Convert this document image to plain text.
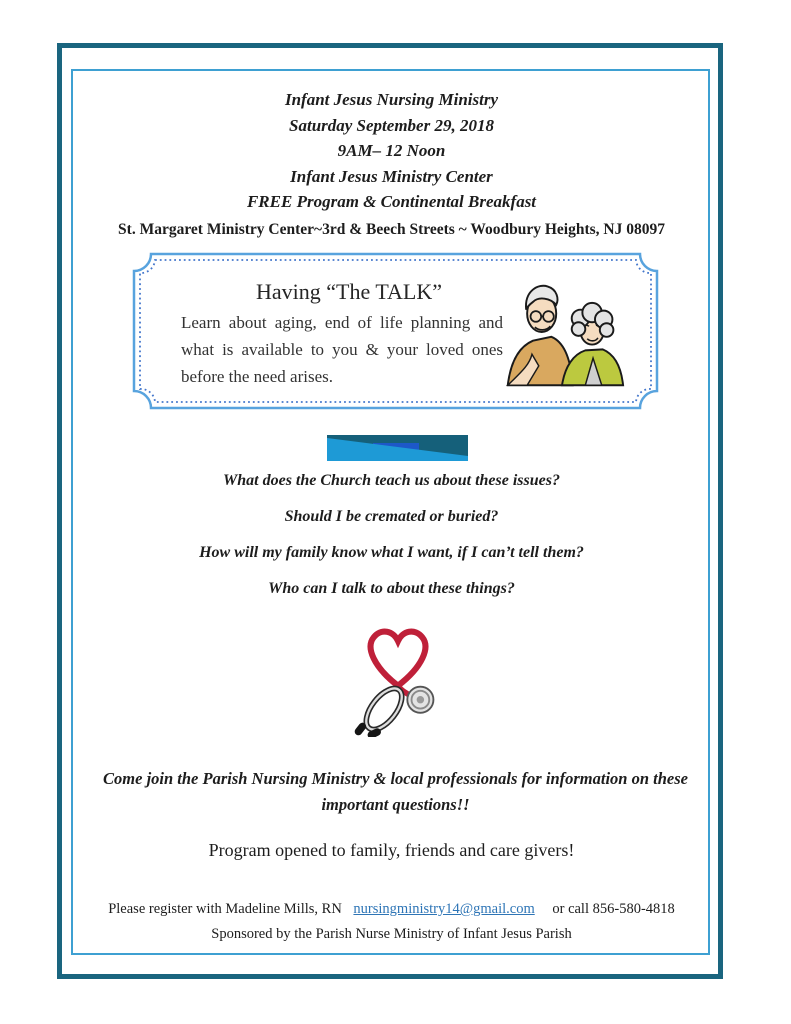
Infant Jesus Nursing Ministry
Saturday September 29, 2018
9AM– 12 Noon
Infant Jesus Ministry Center
FREE Program & Continental Breakfast
St. Margaret Ministry Center~3rd & Beech Streets ~ Woodbury Heights, NJ 08097
Having “The TALK”

Learn about aging, end of life planning and what is available to you & your loved ones before the need arises.

What does the Church teach us about these issues?

Should I be cremated or buried?

How will my family know what I want, if I can’t tell them?

Who can I talk to about these things?

Come join the Parish Nursing Ministry & local professionals for information on these important questions!!
Program opened to family, friends and care givers!
Please register with Madeline Mills, RN nursingministry14@gmail.com or call 856-580-4818
Sponsored by the Parish Nurse Ministry of Infant Jesus Parish
